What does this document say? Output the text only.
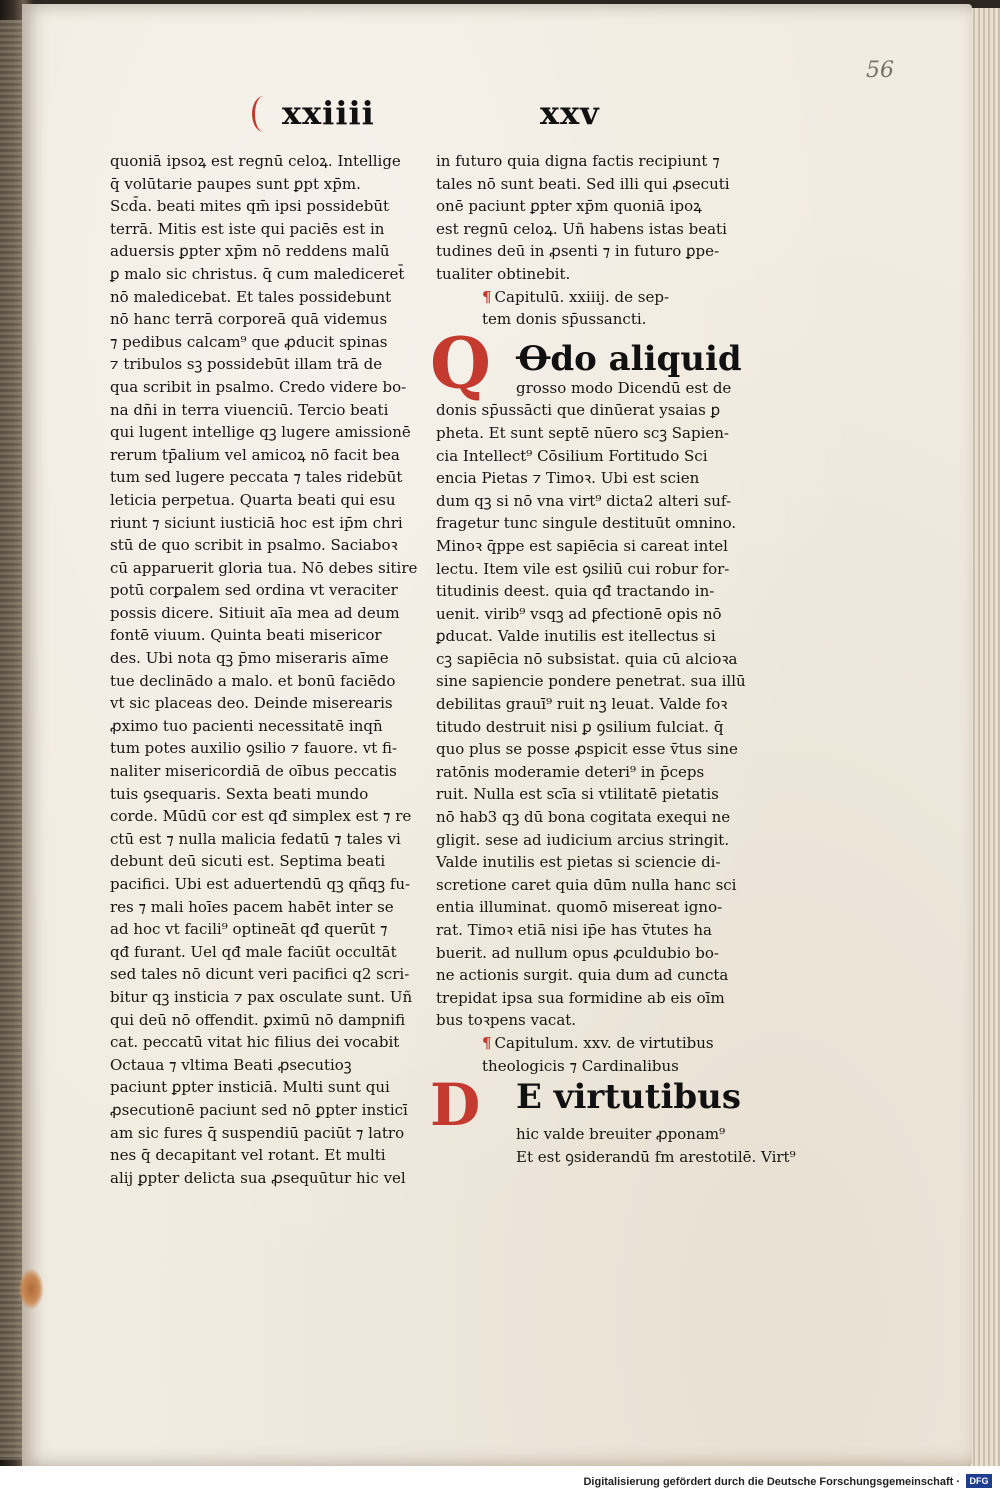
56
xxiiii	xxv
quoniā ipsoꝝ est regnū celoꝝ. Intellige
q̄ volūtarie paupes sunt ꝑpt xp̄m.
Scd̄a. beati mites qm̄ ipsi possidebūt
terrā. Mitis est iste qui paciēs est in
aduersis ꝑpter xp̄m nō reddens malū
ꝑ malo sic christus. q̄ cum malediceret̄
nō maledicebat. Et tales possidebunt
nō hanc terrā corporeā quā videmus
⁊ pedibus calcam⁹ que ꝓducit spinas
⁊ tribulos sꝫ possidebūt illam trā de
qua scribit in psalmo. Credo videre bo-
na dn̄i in terra viuenciū. Tercio beati
qui lugent intellige qꝫ lugere amissionē
rerum tp̄alium vel amicoꝝ nō facit bea
tum sed lugere peccata ⁊ tales ridebūt
leticia perpetua. Quarta beati qui esu
riunt ⁊ siciunt iusticiā hoc est ip̄m chri
stū de quo scribit in psalmo. Saciaboꝛ
cū apparuerit gloria tua. Nō debes sitire
potū corꝑalem sed ordina vt veraciter
possis dicere. Sitiuit aīa mea ad deum
fontē viuum. Quinta beati misericor
des. Ubi nota qꝫ p̄mo miseraris aīme
tue declinādo a malo. et bonū faciēdo
vt sic placeas deo. Deinde miserearis
ꝓximo tuo pacienti necessitatē inqn̄
tum potes auxilio ꝯsilio ⁊ fauore. vt fi-
naliter misericordiā de oībus peccatis
tuis ꝯsequaris. Sexta beati mundo
corde. Mūdū cor est qđ simplex est ⁊ re
ctū est ⁊ nulla malicia fedatū ⁊ tales vi
debunt deū sicuti est. Septima beati
pacifici. Ubi est aduertendū qꝫ qñqꝫ fu-
res ⁊ mali hoīes pacem habēt inter se
ad hoc vt facili⁹ optineāt qđ querūt ⁊
qđ furant. Uel qđ male faciūt occultāt
sed tales nō dicunt veri pacifici q2 scri-
bitur qꝫ insticia ⁊ pax osculate sunt. Uñ
qui deū nō offendit. ꝑximū nō dampnifi
cat. peccatū vitat hic filius dei vocabit
Octaua ⁊ vltima Beati ꝓsecutioꝫ
paciunt ꝑpter insticiā. Multi sunt qui
ꝓsecutionē paciunt sed nō ꝑpter insticī
am sic fures q̄ suspendiū paciūt ⁊ latro
nes q̄ decapitant vel rotant. Et multi
alij ꝑpter delicta sua ꝓsequūtur hic vel
in futuro quia digna factis recipiunt ⁊
tales nō sunt beati. Sed illi qui ꝓsecuti
onē paciunt ꝑpter xp̄m quoniā ipoꝝ
est regnū celoꝝ. Uñ habens istas beati
tudines deū in ꝓsenti ⁊ in futuro ꝑpe-
tualiter obtinebit.
¶ Capitulū. xxiiij. de sep-
tem donis sp̄ussancti.
Q Ꝋdo aliquid
grosso modo Dicendū est de
donis sp̄ussācti que dinūerat ysaias ꝑ
pheta. Et sunt septē nūero scꝫ Sapien-
cia Intellect⁹ Cōsilium Fortitudo Sci
encia Pietas ⁊ Timoꝛ. Ubi est scien
dum qꝫ si nō vna virt⁹ dicta2 alteri suf-
fragetur tunc singule destituūt omnino.
Minoꝛ q̄ppe est sapiēcia si careat intel
lectu. Item vile est ꝯsiliū cui robur for-
titudinis deest. quia qđ tractando in-
uenit. virib⁹ vsqꝫ ad ꝑfectionē opis nō
ꝑducat. Valde inutilis est itellectus si
cꝫ sapiēcia nō subsistat. quia cū alcioꝛa
sine sapiencie pondere penetrat. sua illū
debilitas grauī⁹ ruit nꝫ leuat. Valde foꝛ
titudo destruit nisi ꝑ ꝯsilium fulciat. q̄
quo plus se posse ꝓspicit esse v̄tus sine
ratōnis moderamie deteri⁹ in p̄ceps
ruit. Nulla est scīa si vtilitatē pietatis
nō hab3 qꝫ dū bona cogitata exequi ne
gligit. sese ad iudicium arcius stringit.
Valde inutilis est pietas si sciencie di-
scretione caret quia dūm nulla hanc sci
entia illuminat. quomō misereat igno-
rat. Timoꝛ etiā nisi ip̄e has v̄tutes ha
buerit. ad nullum opus ꝓculdubio bo-
ne actionis surgit. quia dum ad cuncta
trepidat ipsa sua formidine ab eis oīm
bus toꝛpens vacat.
¶ Capitulum. xxv. de virtutibus
theologicis ⁊ Cardinalibus
D E virtutibus
hic valde breuiter ꝓponam⁹
Et est ꝯsiderandū fm arestotilē. Virt⁹
Digitalisierung gefördert durch die Deutsche Forschungsgemeinschaft ·	DFG
